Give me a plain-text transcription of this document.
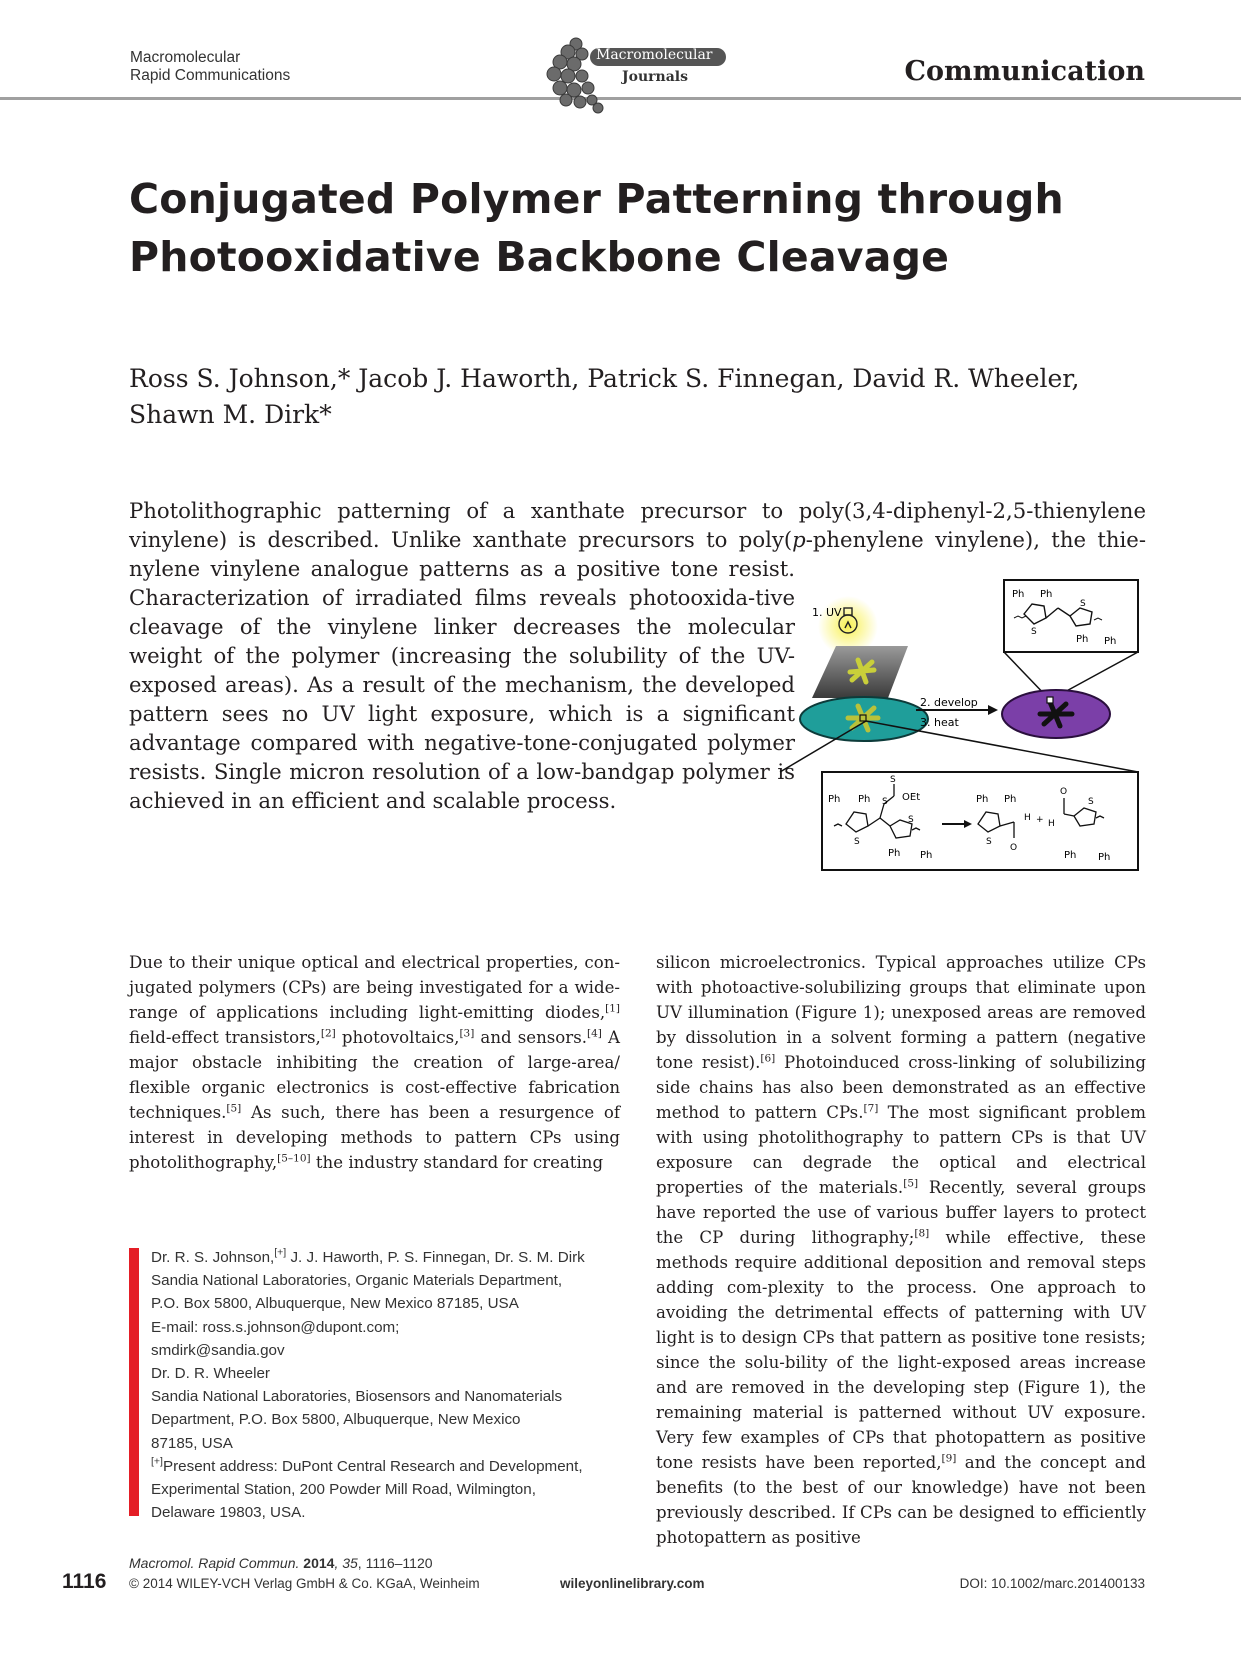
Macromolecular
Rapid Communications
Macromolecular
Journals	Communication
Conjugated Polymer Patterning through
Photooxidative Backbone Cleavage
Ross S. Johnson,* Jacob J. Haworth, Patrick S. Finnegan, David R. Wheeler,
Shawn M. Dirk*
Photolithographic patterning of a xanthate precursor to poly(3,4-diphenyl-2,5-thienylene
vinylene) is described. Unlike xanthate precursors to poly(p-phenylene vinylene), the thie-
nylene vinylene analogue patterns as a positive tone resist. Characterization of irradiated films reveals photooxida-tive cleavage of the vinylene linker decreases the molecular weight of the polymer (increasing the solubility of the UV-exposed areas). As a result of the mechanism, the developed pattern sees no UV light exposure, which is a significant advantage compared with negative-tone-conjugated polymer resists. Single micron resolution of a low-bandgap polymer is achieved in an efficient and scalable process.
Ph Ph
S
S
Ph Ph
1. UV
2. develop
3. heat
Ph Ph
S
S
S OEt
S
Ph Ph
Ph Ph
S
H
O
+ H
O
S
Ph Ph
Due to their unique optical and electrical properties, con-jugated polymers (CPs) are being investigated for a wide-range of applications including light-emitting diodes,[1] field-effect transistors,[2] photovoltaics,[3] and sensors.[4] A major obstacle inhibiting the creation of large-area/ flexible organic electronics is cost-effective fabrication techniques.[5] As such, there has been a resurgence of interest in developing methods to pattern CPs using photolithography,[5–10] the industry standard for creating
silicon microelectronics. Typical approaches utilize CPs with photoactive-solubilizing groups that eliminate upon UV illumination (Figure 1); unexposed areas are removed by dissolution in a solvent forming a pattern (negative tone resist).[6] Photoinduced cross-linking of solubilizing side chains has also been demonstrated as an effective method to pattern CPs.[7] The most significant problem with using photolithography to pattern CPs is that UV exposure can degrade the optical and electrical properties of the materials.[5] Recently, several groups have reported the use of various buffer layers to protect the CP during lithography;[8] while effective, these methods require additional deposition and removal steps adding com-plexity to the process. One approach to avoiding the detrimental effects of patterning with UV light is to design CPs that pattern as positive tone resists; since the solu-bility of the light-exposed areas increase and are removed in the developing step (Figure 1), the remaining material is patterned without UV exposure. Very few examples of CPs that photopattern as positive tone resists have been reported,[9] and the concept and benefits (to the best of our knowledge) have not been previously described. If CPs can be designed to efficiently photopattern as positive

Dr. R. S. Johnson,[+] J. J. Haworth, P. S. Finnegan, Dr. S. M. Dirk

Sandia National Laboratories, Organic Materials Department,

P.O. Box 5800, Albuquerque, New Mexico 87185, USA

E-mail: ross.s.johnson@dupont.com;

smdirk@sandia.gov

Dr. D. R. Wheeler

Sandia National Laboratories, Biosensors and Nanomaterials

Department, P.O. Box 5800, Albuquerque, New Mexico

87185, USA

[+]Present address: DuPont Central Research and Development,

Experimental Station, 200 Powder Mill Road, Wilmington,

Delaware 19803, USA.

Macromol. Rapid Commun. 2014, 35, 1116–1120
1116 © 2014 WILEY-VCH Verlag GmbH & Co. KGaA, Weinheim	wileyonlinelibrary.com	DOI: 10.1002/marc.201400133
